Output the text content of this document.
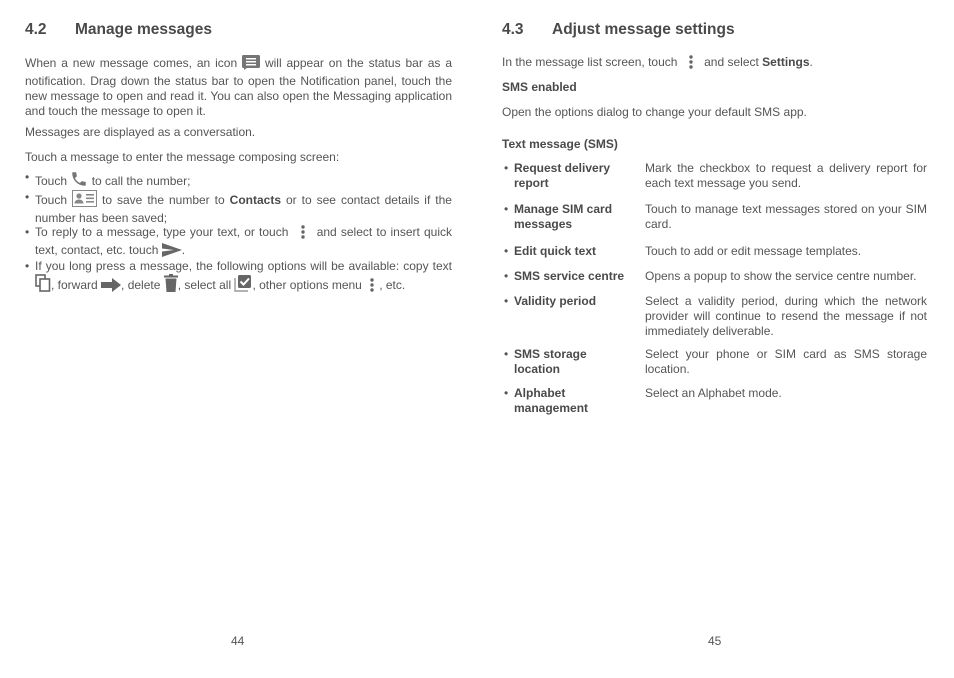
4.2 Manage messages
When a new message comes, an icon will appear on the status bar as a notification. Drag down the status bar to open the Notification panel, touch the new message to open and read it. You can also open the Messaging application and touch the message to open it.
Messages are displayed as a conversation.
Touch a message to enter the message composing screen:
• Touch to call the number;
• Touch	to save the number to Contacts or to see contact details if the number has been saved;
• To reply to a message, type your text, or touch and select to insert quick text, contact, etc. touch .
• If you long press a message, the following options will be available: copy text , forward , delete , select all , other options menu , etc.
44
4.3 Adjust message settings
In the message list screen, touch and select Settings.
SMS enabled
Open the options dialog to change your default SMS app.
Text message (SMS)
• Request delivery report
Mark the checkbox to request a delivery report for each text message you send.
• Manage SIM card messages
Touch to manage text messages stored on your SIM card.
• Edit quick text	Touch to add or edit message templates.
• SMS service centre	Opens a popup to show the service centre number.
• Validity period	Select a validity period, during which the network provider will continue to resend the message if not immediately deliverable.
• SMS storage location
Select your phone or SIM card as SMS storage location.
• Alphabet management
Select an Alphabet mode.
45
